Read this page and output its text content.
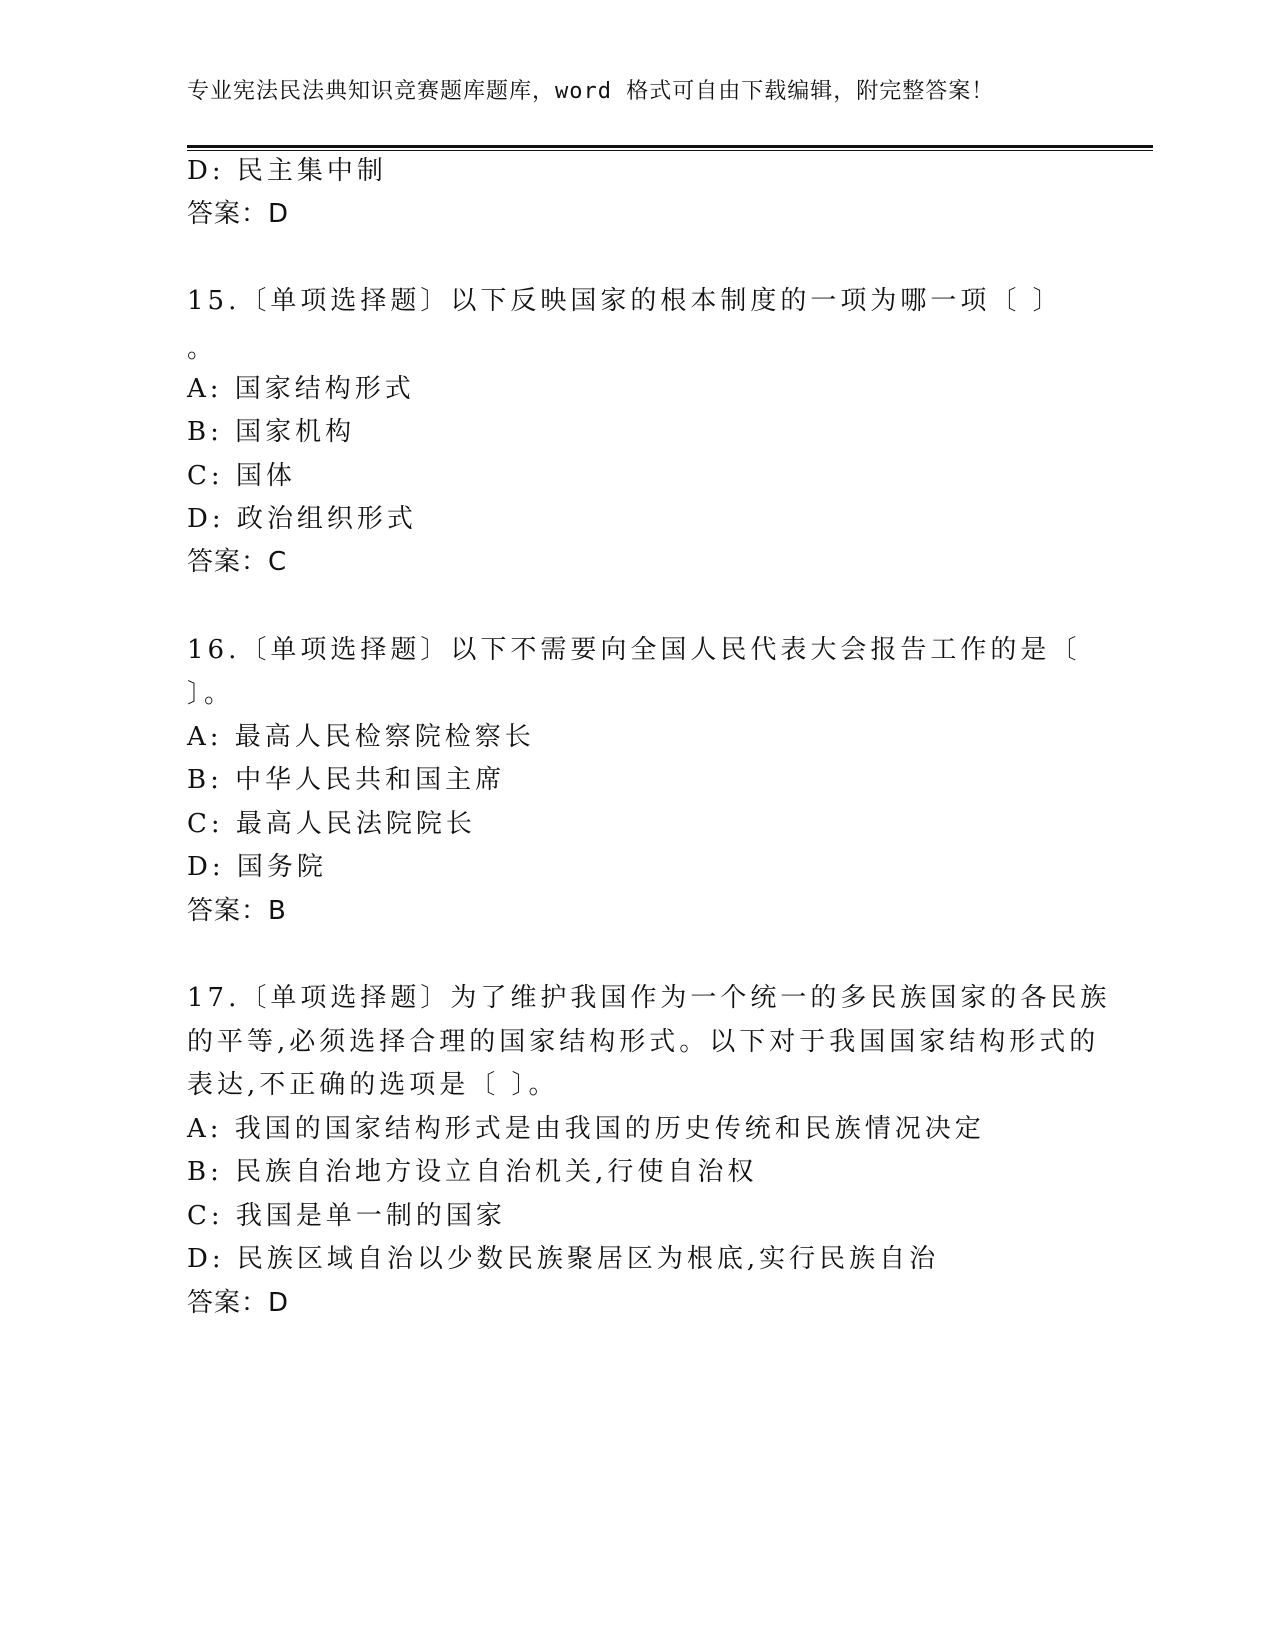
专业宪法民法典知识竞赛题库题库，word 格式可自由下载编辑，附完整答案！
D: 民主集中制
答案：D
15.〔单项选择题〕以下反映国家的根本制度的一项为哪一项〔 〕
。
A: 国家结构形式
B: 国家机构
C: 国体
D: 政治组织形式
答案：C
16.〔单项选择题〕以下不需要向全国人民代表大会报告工作的是〔
〕。
A: 最高人民检察院检察长
B: 中华人民共和国主席
C: 最高人民法院院长
D: 国务院
答案：B
17.〔单项选择题〕为了维护我国作为一个统一的多民族国家的各民族
的平等,必须选择合理的国家结构形式。以下对于我国国家结构形式的
表达,不正确的选项是〔 〕。
A: 我国的国家结构形式是由我国的历史传统和民族情况决定
B: 民族自治地方设立自治机关,行使自治权
C: 我国是单一制的国家
D: 民族区域自治以少数民族聚居区为根底,实行民族自治
答案：D
